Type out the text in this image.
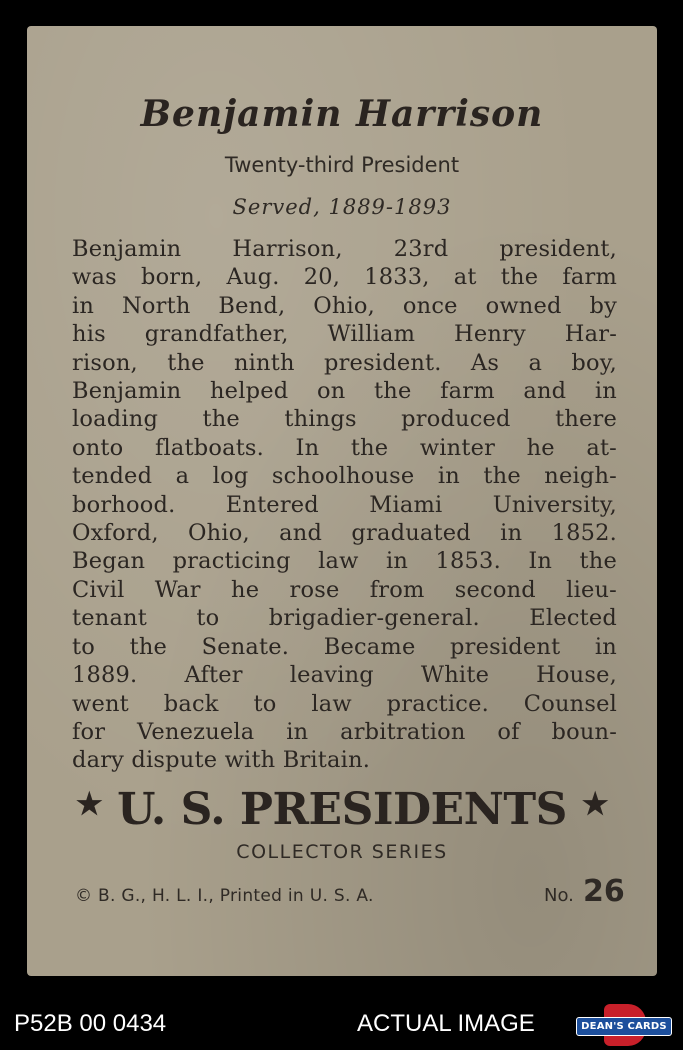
Benjamin Harrison
Twenty-third President
Served, 1889-1893

Benjamin Harrison, 23rd president,
was born, Aug. 20, 1833, at the farm
in North Bend, Ohio, once owned by
his grandfather, William Henry Har-
rison, the ninth president. As a boy,
Benjamin helped on the farm and in
loading the things produced there
onto flatboats. In the winter he at-
tended a log schoolhouse in the neigh-
borhood. Entered Miami University,
Oxford, Ohio, and graduated in 1852.
Began practicing law in 1853. In the
Civil War he rose from second lieu-
tenant to brigadier-general. Elected
to the Senate. Became president in
1889. After leaving White House,
went back to law practice. Counsel
for Venezuela in arbitration of boun-
dary dispute with Britain.

★ U. S. PRESIDENTS ★
COLLECTOR SERIES
© B. G., H. L. I., Printed in U. S. A.	No. 26
P52B 00 0434	ACTUAL IMAGE	DEAN'S CARDS
